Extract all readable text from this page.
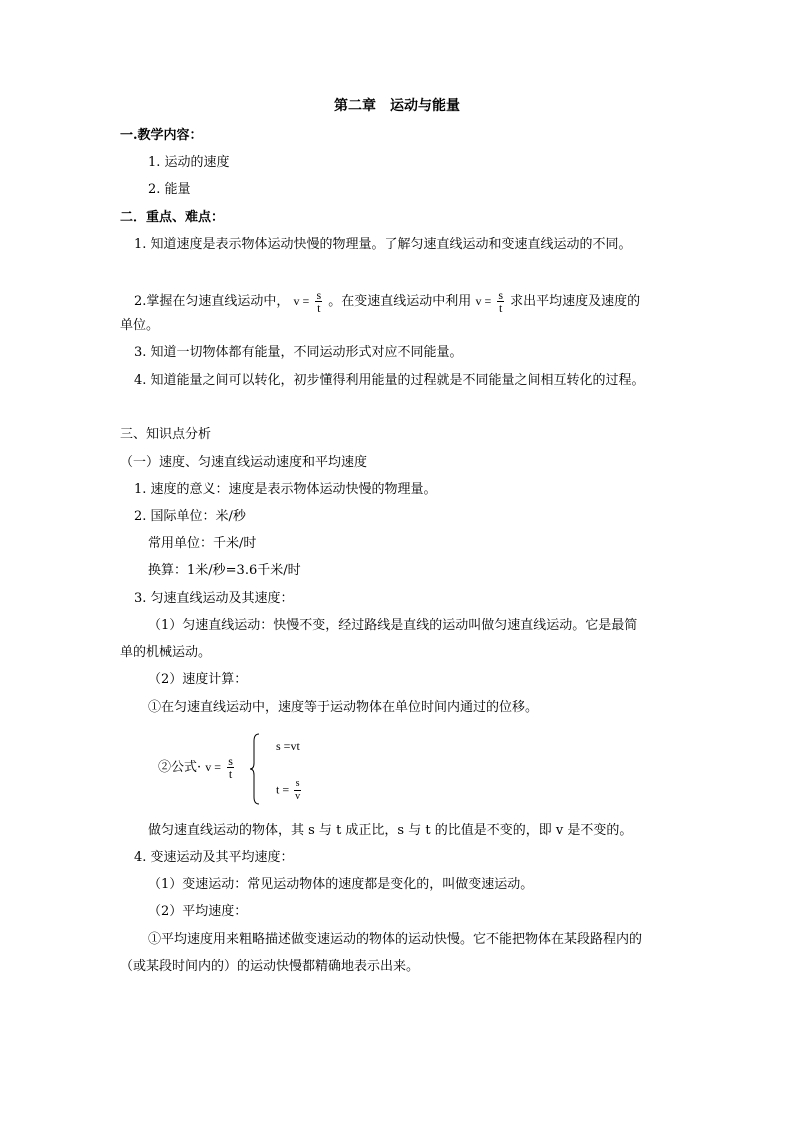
第二章　运动与能量
一.教学内容：
1. 运动的速度
2. 能量
二．重点、难点：
1. 知道速度是表示物体运动快慢的物理量。了解匀速直线运动和变速直线运动的不同。
2.掌握在匀速直线运动中， $v = \frac{s}{t}$ 。在变速直线运动中利用 $v = \frac{s}{t}$ 求出平均速度及速度的
单位。
3. 知道一切物体都有能量，不同运动形式对应不同能量。
4. 知道能量之间可以转化，初步懂得利用能量的过程就是不同能量之间相互转化的过程。
三、知识点分析
（一）速度、匀速直线运动速度和平均速度
1. 速度的意义：速度是表示物体运动快慢的物理量。
2. 国际单位：米/秒
常用单位：千米/时
换算：1米/秒=3.6千米/时
3. 匀速直线运动及其速度：
（1）匀速直线运动：快慢不变，经过路线是直线的运动叫做匀速直线运动。它是最简
单的机械运动。
（2）速度计算：
①在匀速直线运动中，速度等于运动物体在单位时间内通过的位移。
②公式· $v = \frac{s}{t}$
s =vt
$t = \frac{s}{v}$
做匀速直线运动的物体，其 s 与 t 成正比，s 与 t 的比值是不变的，即 v 是不变的。
4. 变速运动及其平均速度：
（1）变速运动：常见运动物体的速度都是变化的，叫做变速运动。
（2）平均速度：
①平均速度用来粗略描述做变速运动的物体的运动快慢。它不能把物体在某段路程内的
（或某段时间内的）的运动快慢都精确地表示出来。
